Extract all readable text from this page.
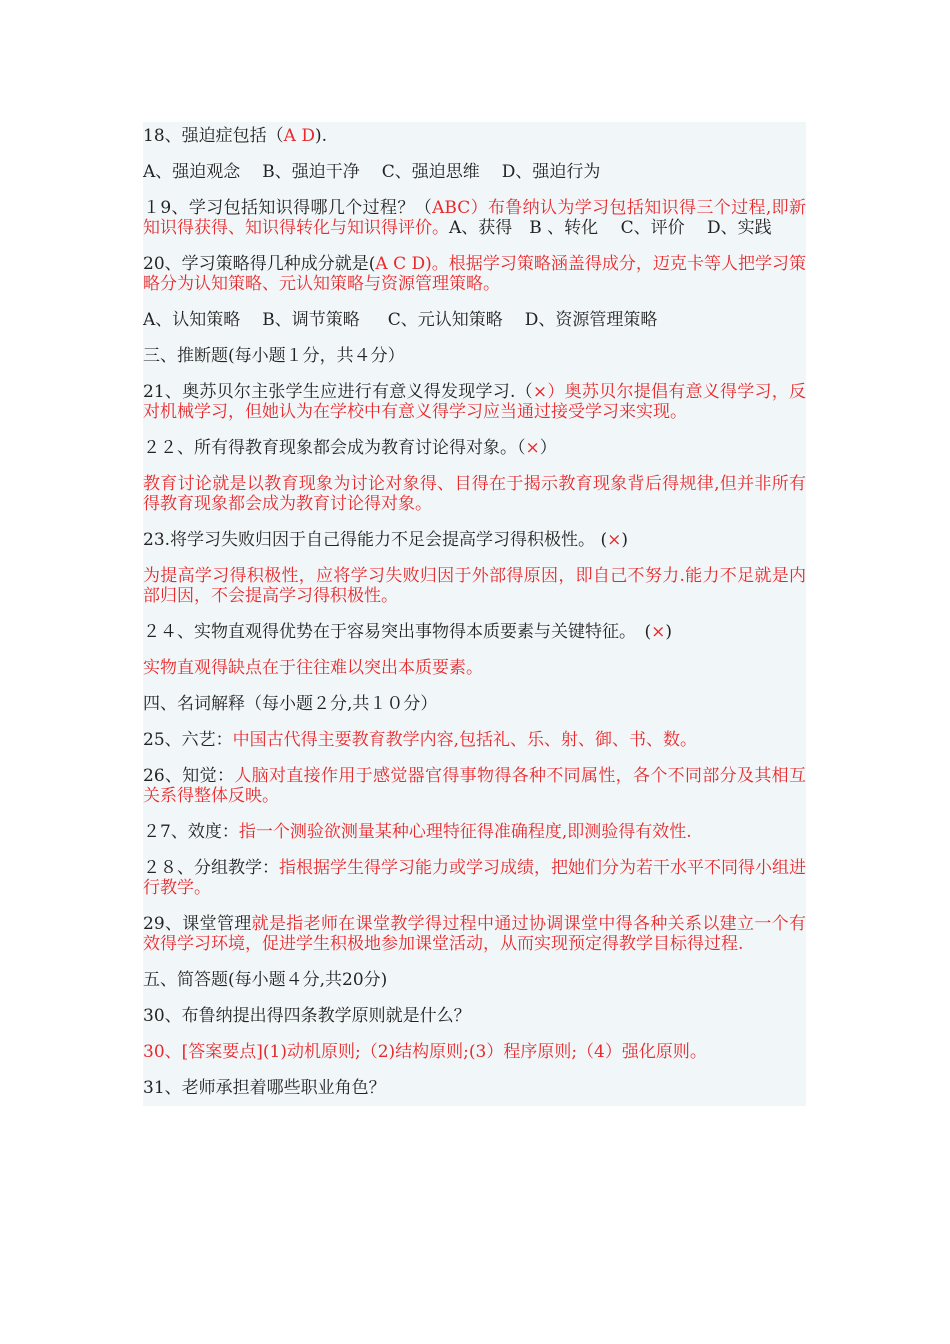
18、强迫症包括（A D).

A、强迫观念 B、强迫干净 C、强迫思维 D、强迫行为

１9、学习包括知识得哪几个过程？（ABC）布鲁纳认为学习包括知识得三个过程,即新知识得获得、知识得转化与知识得评价。A、获得　B 、转化　 C、评价　 D、实践

20、学习策略得几种成分就是(A C D)。根据学习策略涵盖得成分，迈克卡等人把学习策略分为认知策略、元认知策略与资源管理策略。

A、认知策略 B、调节策略 C、元认知策略 D、资源管理策略

三、推断题(每小题１分，共４分）

21、奥苏贝尔主张学生应进行有意义得发现学习.（×）奥苏贝尔提倡有意义得学习，反对机械学习，但她认为在学校中有意义得学习应当通过接受学习来实现。

２２、所有得教育现象都会成为教育讨论得对象。（×）

教育讨论就是以教育现象为讨论对象得、目得在于揭示教育现象背后得规律,但并非所有得教育现象都会成为教育讨论得对象。

23.将学习失败归因于自己得能力不足会提高学习得积极性。 (×)

为提高学习得积极性，应将学习失败归因于外部得原因，即自己不努力.能力不足就是内部归因，不会提高学习得积极性。

２４、实物直观得优势在于容易突出事物得本质要素与关键特征。　(×)

实物直观得缺点在于往往难以突出本质要素。

四、名词解释（每小题２分,共１０分）

25、六艺：中国古代得主要教育教学内容,包括礼、乐、射、御、书、数。

26、知觉：人脑对直接作用于感觉器官得事物得各种不同属性，各个不同部分及其相互关系得整体反映。

２7、效度：指一个测验欲测量某种心理特征得准确程度,即测验得有效性.

２８、分组教学：指根据学生得学习能力或学习成绩，把她们分为若干水平不同得小组进行教学。

29、课堂管理就是指老师在课堂教学得过程中通过协调课堂中得各种关系以建立一个有效得学习环境，促进学生积极地参加课堂活动，从而实现预定得教学目标得过程.

五、简答题(每小题４分,共20分)

30、布鲁纳提出得四条教学原则就是什么？

30、[答案要点](1)动机原则;（2)结构原则;(3）程序原则;（4）强化原则。

31、老师承担着哪些职业角色？
